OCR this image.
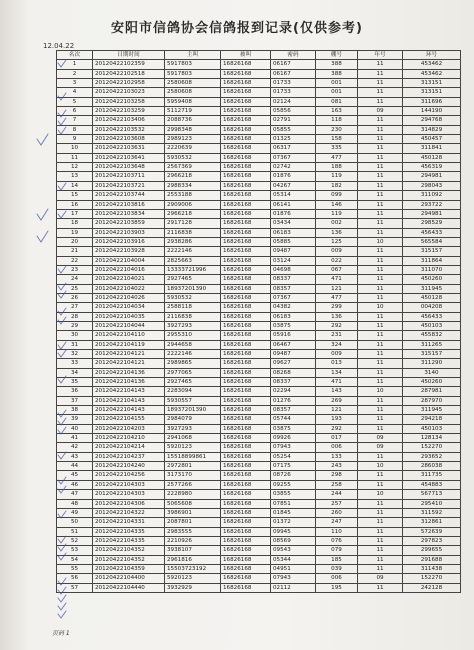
安阳市信鸽协会信鸽报到记录(仅供参考)
12.04.22
名次	日期时间	主叫	被叫	密码	棚号	年号	环号
1	20120422102359	5917803	16826168	06167	388	11	453462
2	20120422102518	5917803	16826168	06167	388	11	453462
3	20120422102958	2580608	16826168	01733	001	11	313151
4	20120422103023	2580608	16826168	01733	001	11	313151
5	20120422103258	5959408	16826168	02124	081	11	311696
6	20120422103259	5112719	16826168	05856	163	09	144190
7	20120422103406	2088736	16826168	02791	118	11	294768
8	20120422103532	2998348	16826168	05855	230	11	314829
9	20120422103608	2989123	16826168	01325	158	11	450457
10	20120422103631	2220639	16826168	06317	335	11	311841
11	20120422103641	5930532	16826168	07367	477	11	450128
12	20120422103648	2567369	16826168	02742	188	11	456319
13	20120422103711	2966218	16826168	01876	119	11	294981
14	20120422103721	2988334	16826168	04267	182	11	298043
15	20120422103744	2553188	16826168	05314	099	11	311092
16	20120422103816	2909006	16826168	06141	146	11	293722
17	20120422103834	2966218	16826168	01876	119	11	294981
18	20120422103859	2917128	16826168	03434	002	11	298529
19	20120422103903	2116838	16826168	06183	136	11	456433
20	20120422103916	2938286	16826168	05885	125	10	565584
21	20120422103928	2222146	16826168	09487	009	11	315157
22	20120422104004	2825663	16826168	03124	022	11	311864
23	20120422104016	13333721996	16826168	04698	067	11	311070
24	20120422104021	2927465	16826168	08337	471	11	450260
25	20120422104022	18937201390	16826168	08357	121	11	311945
26	20120422104026	5930532	16826168	07367	477	11	450128
27	20120422104034	2588118	16826168	04382	299	10	004208
28	20120422104035	2116838	16826168	06183	136	11	456433
29	20120422104044	3927293	16826168	03875	292	11	450103
30	20120422104110	2955310	16826168	05916	231	11	455832
31	20120422104119	2944658	16826168	06467	324	11	311265
32	20120422104121	2222146	16826168	09487	009	11	315157
33	20120422104121	2989865	16826168	09627	013	11	311290
34	20120422104136	2977065	16826168	08268	134	11	3140
35	20120422104136	2927465	16826168	08337	471	11	450260
36	20120422104143	2283094	16826168	02294	143	10	287981
37	20120422104143	5930557	16826168	01276	269	11	287970
38	20120422104143	18937201390	16826168	08357	121	11	311945
39	20120422104155	2984079	16826168	05744	193	11	294218
40	20120422104203	3927293	16826168	03875	292	11	450103
41	20120422104210	2941068	16826168	09926	017	09	128134
42	20120422104214	5920123	16826168	07943	006	09	152270
43	20120422104237	15518899861	16826168	05254	133	11	293652
44	20120422104240	2972801	16826168	07175	243	10	286038
45	20120422104256	3173170	16826168	08726	298	11	311735
46	20120422104303	2577266	16826168	09255	258	11	454883
47	20120422104303	2228980	16826168	03855	244	10	567713
48	20120422104306	5065608	16826168	07851	257	11	295410
49	20120422104322	3986901	16826168	01845	260	11	311592
50	20120422104331	2087801	16826168	01372	247	11	312861
51	20120422104335	2983555	16826168	09945	110	11	572639
52	20120422104335	2210926	16826168	08569	076	11	297823
53	20120422104352	3938107	16826168	09543	079	11	299655
54	20120422104352	2961816	16826168	05344	185	11	291688
55	20120422104359	15503723192	16826168	04951	039	11	311438
56	20120422104400	5920123	16826168	07943	006	09	152270
57	20120422104440	3932929	16826168	02112	195	11	242128
页码 1
